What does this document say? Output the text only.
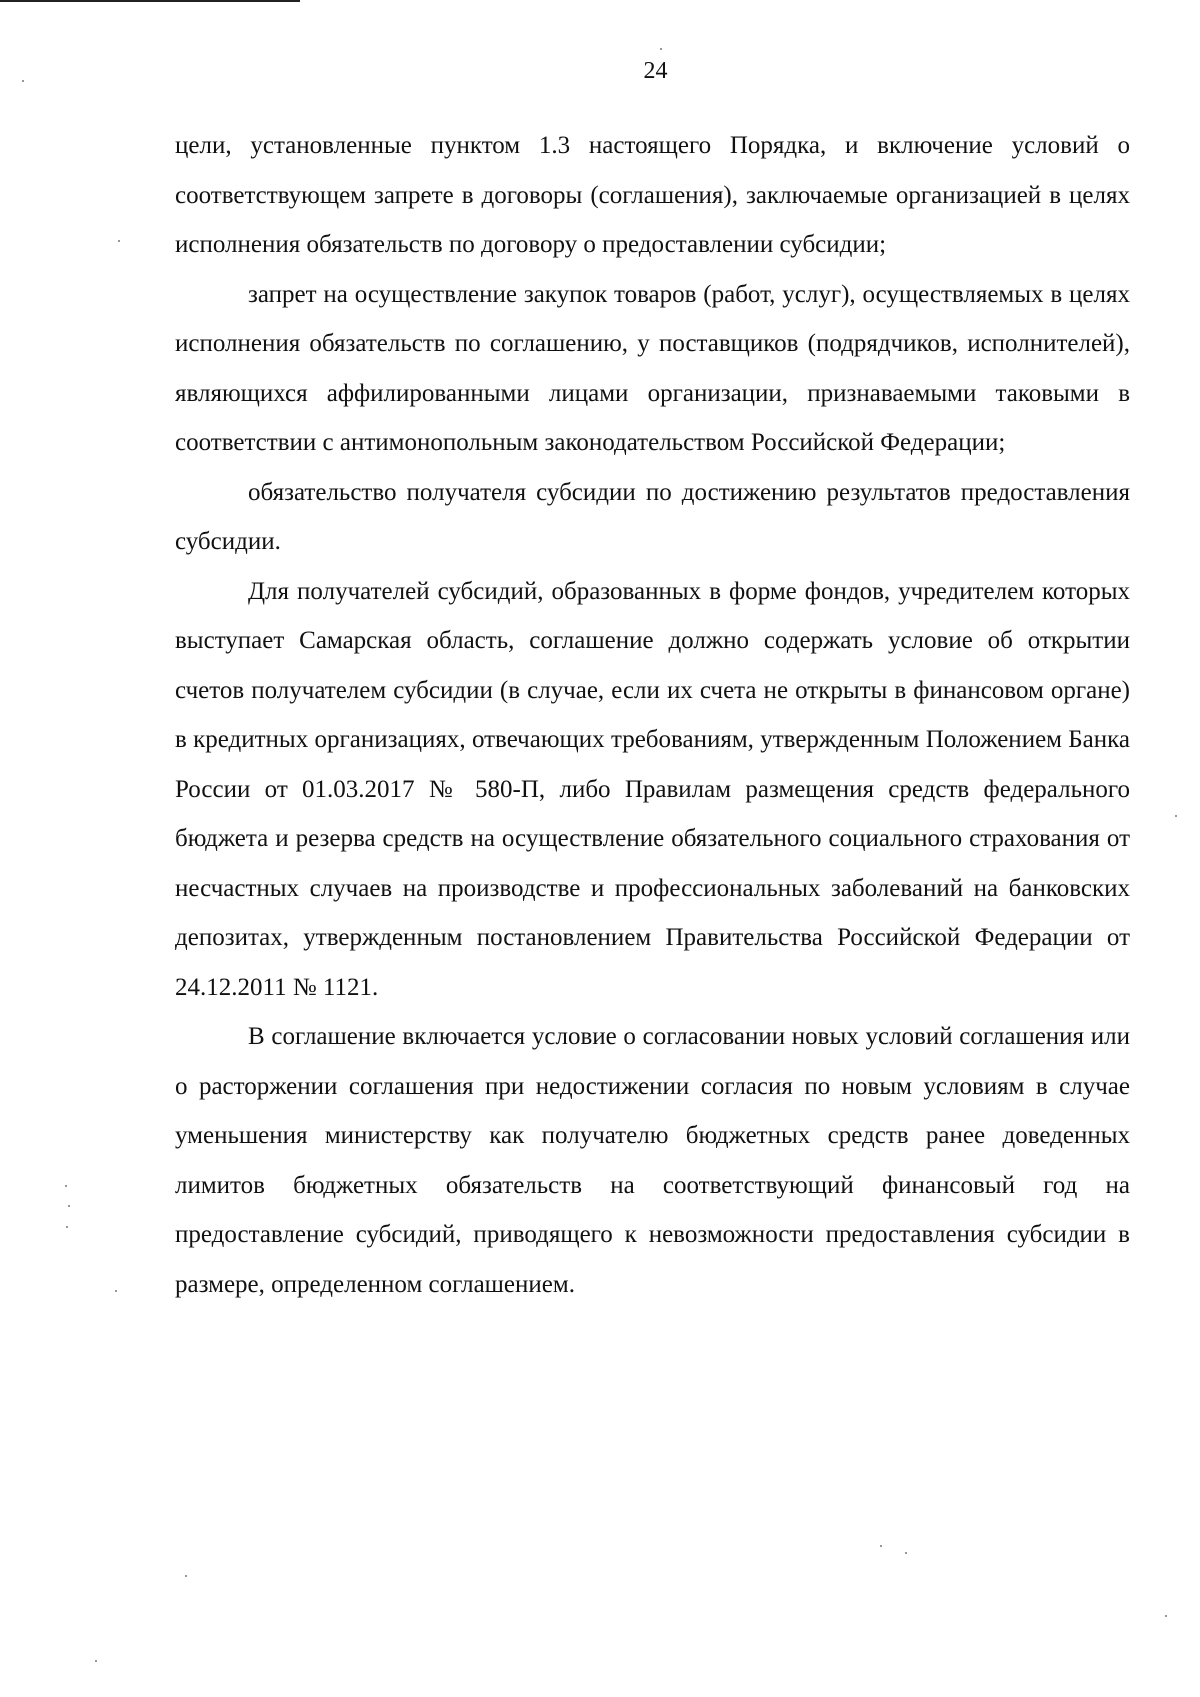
24

цели, установленные пунктом 1.3 настоящего Порядка, и включение условий о соответствующем запрете в договоры (соглашения), заключаемые организацией в целях исполнения обязательств по договору о предоставлении субсидии;

запрет на осуществление закупок товаров (работ, услуг), осуществляемых в целях исполнения обязательств по соглашению, у поставщиков (подрядчиков, исполнителей), являющихся аффилированными лицами организации, признаваемыми таковыми в соответствии с антимонопольным законодательством Российской Федерации;

обязательство получателя субсидии по достижению результатов предоставления субсидии.

Для получателей субсидий, образованных в форме фондов, учредителем которых выступает Самарская область, соглашение должно содержать условие об открытии счетов получателем субсидии (в случае, если их счета не открыты в финансовом органе) в кредитных организациях, отвечающих требованиям, утвержденным Положением Банка России от 01.03.2017 № 580-П, либо Правилам размещения средств федерального бюджета и резерва средств на осуществление обязательного социального страхования от несчастных случаев на производстве и профессиональных заболеваний на банковских депозитах, утвержденным постановлением Правительства Российской Федерации от 24.12.2011 № 1121.

В соглашение включается условие о согласовании новых условий соглашения или о расторжении соглашения при недостижении согласия по новым условиям в случае уменьшения министерству как получателю бюджетных средств ранее доведенных лимитов бюджетных обязательств на соответствующий финансовый год на предоставление субсидий, приводящего к невозможности предоставления субсидии в размере, определенном соглашением.
